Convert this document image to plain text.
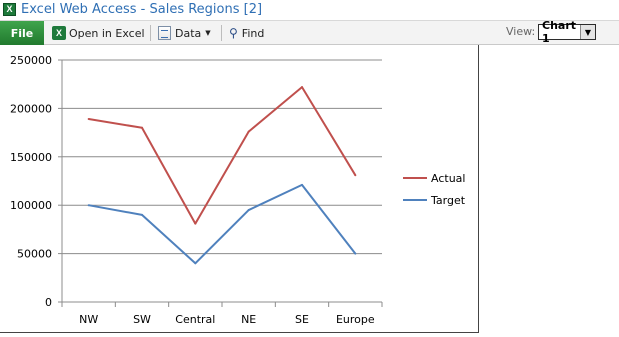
X Excel Web Access - Sales Regions [2]
File	X Open in Excel	Data ▼ ⚲ Find	View: Chart 1	▼
0
50000
100000
150000
200000
250000
NW	SW Central NE	SE Europe
Actual
Target
